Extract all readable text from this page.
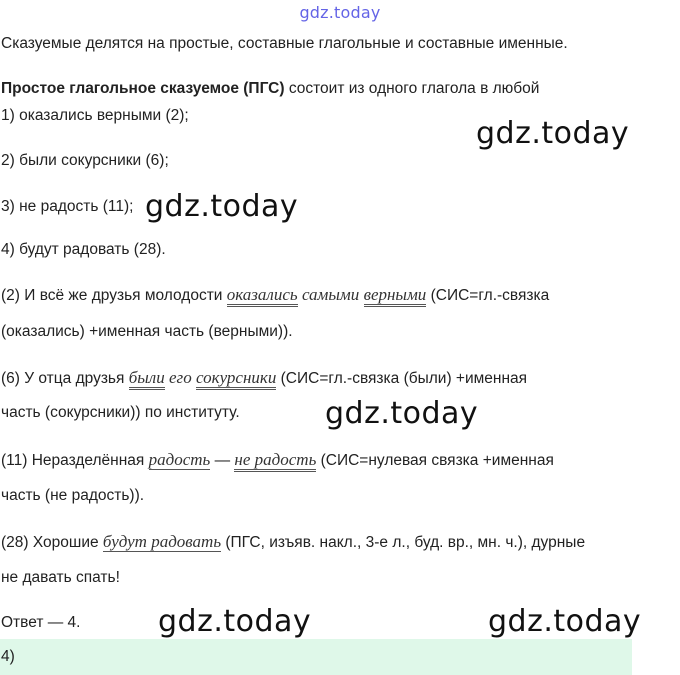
gdz.today
Сказуемые делятся на простые, составные глагольные и составные именные.
Простое глагольное сказуемое (ПГС) состоит из одного глагола в любой
1) оказались верными (2);
2) были сокурсники (6);
3) не радость (11);
4) будут радовать (28).
(2) И всё же друзья молодости оказались самыми верными (СИС=гл.-связка
(оказались) +именная часть (верными)).
(6) У отца друзья были его сокурсники (СИС=гл.-связка (были) +именная
часть (сокурсники)) по институту.
(11) Неразделённая радость — не радость (СИС=нулевая связка +именная
часть (не радость)).
(28) Хорошие будут радовать (ПГС, изъяв. накл., 3-е л., буд. вр., мн. ч.), дурные
не давать спать!
Ответ — 4.
4)
gdz.today
gdz.today
gdz.today
gdz.today	gdz.today
